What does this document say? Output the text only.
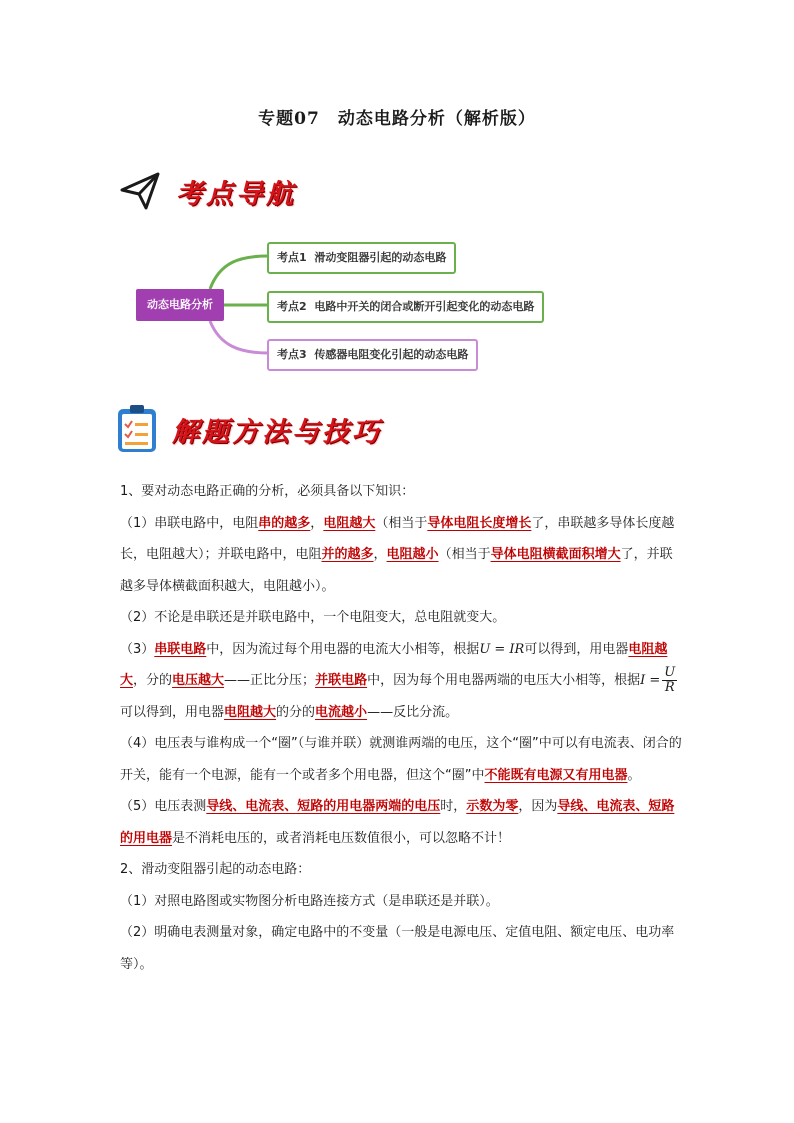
专题07　动态电路分析（解析版）
考点导航
动态电路分析
考点1 滑动变阻器引起的动态电路
考点2 电路中开关的闭合或断开引起变化的动态电路
考点3 传感器电阻变化引起的动态电路
解题方法与技巧

1、要对动态电路正确的分析，必须具备以下知识：

（1）串联电路中，电阻串的越多，电阻越大（相当于导体电阻长度增长了，串联越多导体长度越长，电阻越大）；并联电路中，电阻并的越多，电阻越小（相当于导体电阻横截面积增大了，并联越多导体横截面积越大，电阻越小）。

（2）不论是串联还是并联电路中，一个电阻变大，总电阻就变大。

（3）串联电路中，因为流过每个用电器的电流大小相等，根据U = IR可以得到，用电器电阻越大，分的电压越大——正比分压；并联电路中，因为每个用电器两端的电压大小相等，根据$I = \frac{U}{R}$
可以得到，用电器电阻越大的分的电流越小——反比分流。

（4）电压表与谁构成一个“圈”（与谁并联）就测谁两端的电压，这个“圈”中可以有电流表、闭合的开关，能有一个电源，能有一个或者多个用电器，但这个“圈”中不能既有电源又有用电器。

（5）电压表测导线、电流表、短路的用电器两端的电压时，示数为零，因为导线、电流表、短路的用电器是不消耗电压的，或者消耗电压数值很小，可以忽略不计！

2、滑动变阻器引起的动态电路：

（1）对照电路图或实物图分析电路连接方式（是串联还是并联）。

（2）明确电表测量对象，确定电路中的不变量（一般是电源电压、定值电阻、额定电压、电功率等）。
